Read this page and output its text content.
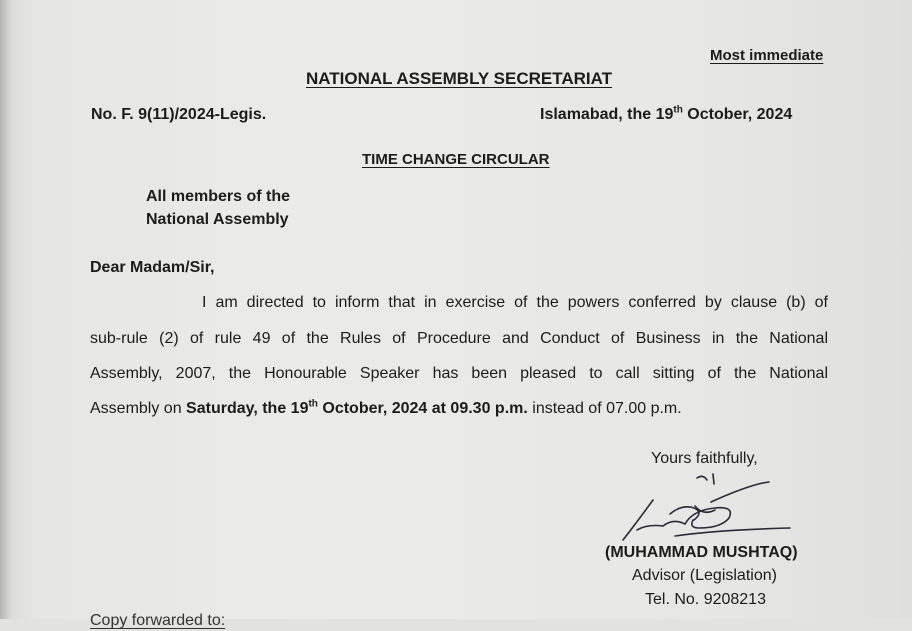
Most immediate
NATIONAL ASSEMBLY SECRETARIAT
No. F. 9(11)/2024-Legis.	Islamabad, the 19th October, 2024
TIME CHANGE CIRCULAR
All members of the
National Assembly
Dear Madam/Sir,
I am directed to inform that in exercise of the powers conferred by clause (b) of
sub-rule (2) of rule 49 of the Rules of Procedure and Conduct of Business in the National
Assembly, 2007, the Honourable Speaker has been pleased to call sitting of the National
Assembly on Saturday, the 19th October, 2024 at 09.30 p.m. instead of 07.00 p.m.
Yours faithfully,
(MUHAMMAD MUSHTAQ)
Advisor (Legislation)
Tel. No. 9208213
Copy forwarded to:
